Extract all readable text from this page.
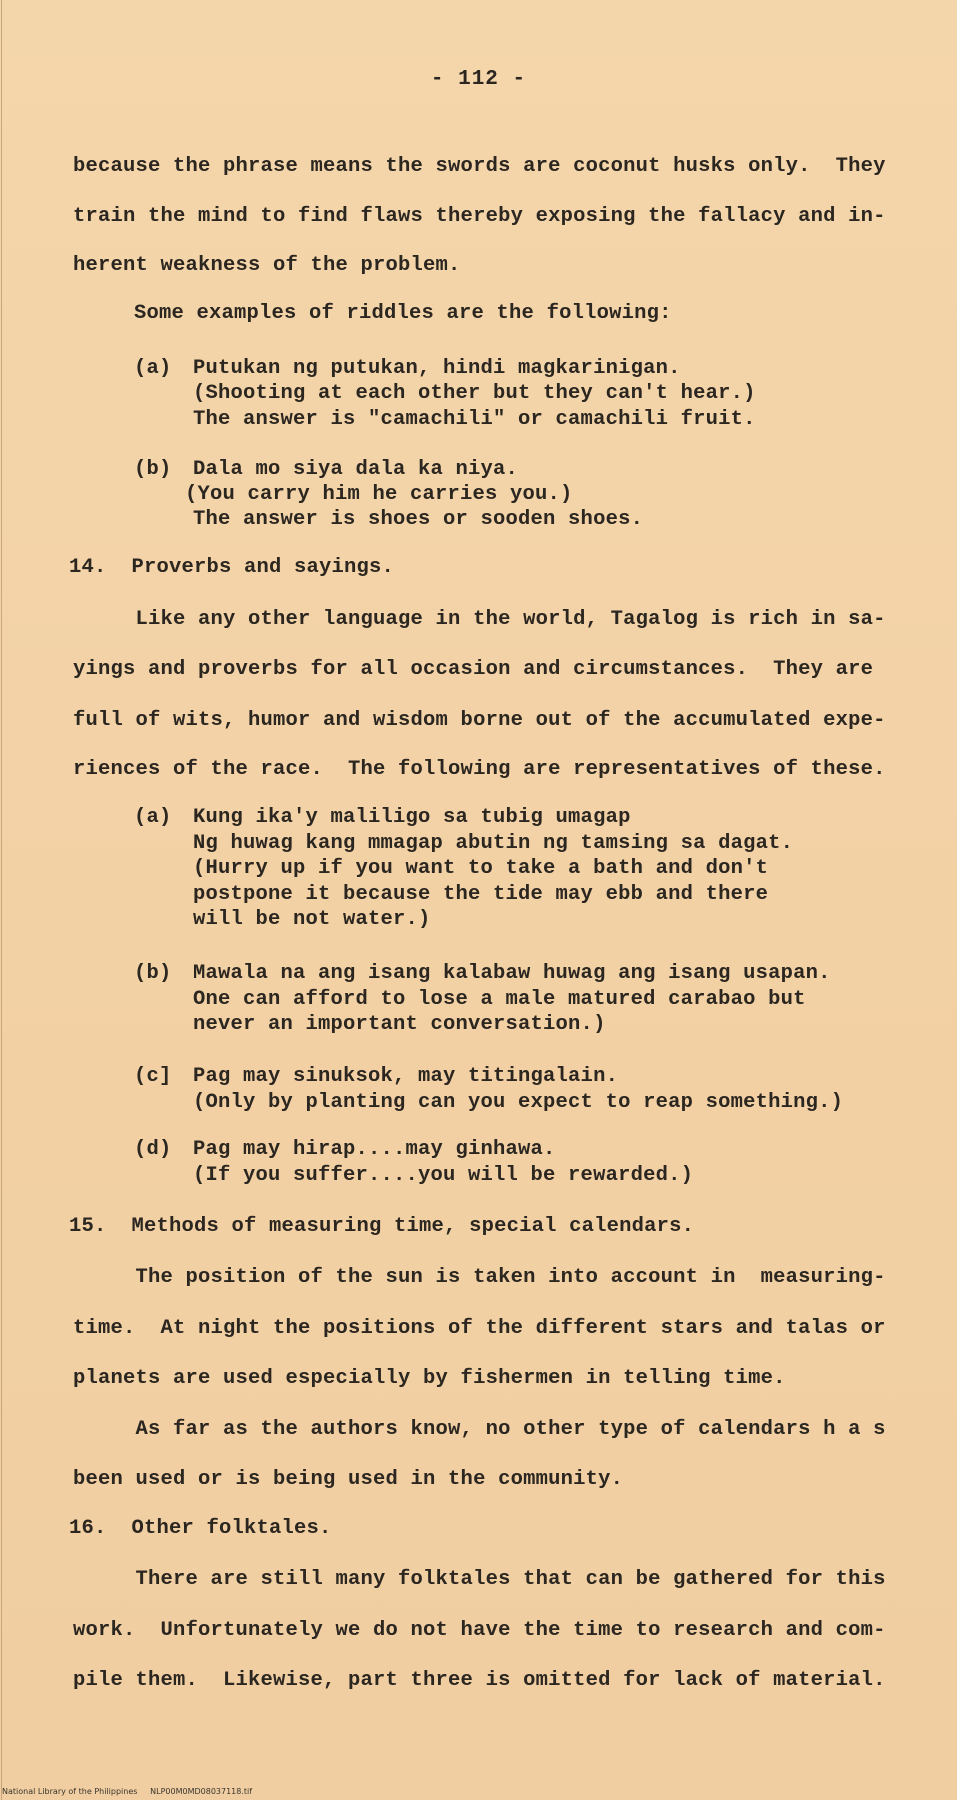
- 112 -
because the phrase means the swords are coconut husks only.  They
train the mind to find flaws thereby exposing the fallacy and in-
herent weakness of the problem.
Some examples of riddles are the following:
(a) Putukan ng putukan, hindi magkarinigan.
(Shooting at each other but they can't hear.)
The answer is "camachili" or camachili fruit.
(b) Dala mo siya dala ka niya.
(You carry him he carries you.)
The answer is shoes or sooden shoes.
14.  Proverbs and sayings.
Like any other language in the world, Tagalog is rich in sa-
yings and proverbs for all occasion and circumstances.  They are
full of wits, humor and wisdom borne out of the accumulated expe-
riences of the race.  The following are representatives of these.
(a) Kung ika'y maliligo sa tubig umagap
Ng huwag kang mmagap abutin ng tamsing sa dagat.
(Hurry up if you want to take a bath and don't
postpone it because the tide may ebb and there
will be not water.)
(b) Mawala na ang isang kalabaw huwag ang isang usapan.
One can afford to lose a male matured carabao but
never an important conversation.)
(c] Pag may sinuksok, may titingalain.
(Only by planting can you expect to reap something.)
(d) Pag may hirap....may ginhawa.
(If you suffer....you will be rewarded.)
15.  Methods of measuring time, special calendars.
The position of the sun is taken into account in  measuring-
time.  At night the positions of the different stars and talas or
planets are used especially by fishermen in telling time.
As far as the authors know, no other type of calendars h a s
been used or is being used in the community.
16.  Other folktales.
There are still many folktales that can be gathered for this
work.  Unfortunately we do not have the time to research and com-
pile them.  Likewise, part three is omitted for lack of material.
National Library of the Philippines     NLP00M0MD08037118.tif
